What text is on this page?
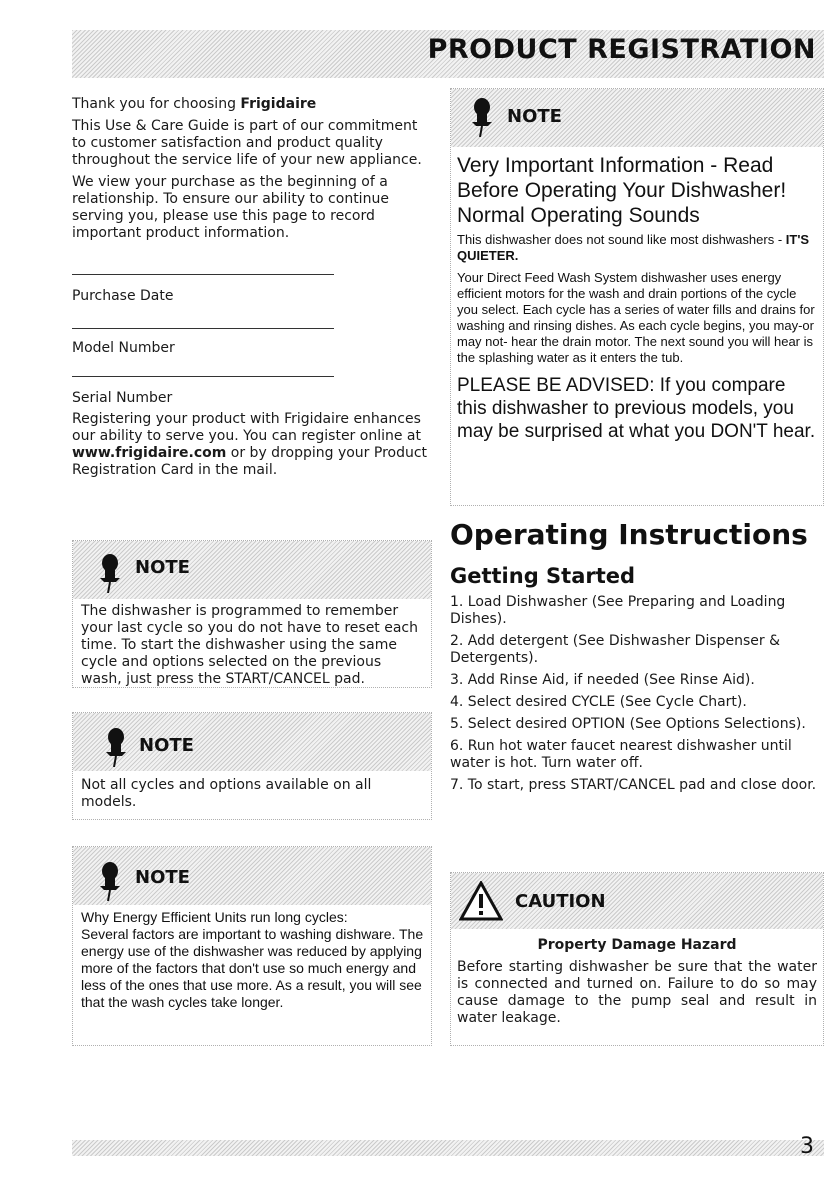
PRODUCT REGISTRATION

Thank you for choosing Frigidaire

This Use & Care Guide is part of our commitment to customer satisfaction and product quality throughout the service life of your new appliance.

We view your purchase as the beginning of a relationship. To ensure our ability to continue serving you, please use this page to record important product information.

Purchase Date
Model Number
Serial Number
Registering your product with Frigidaire enhances our ability to serve you. You can register online at www.frigidaire.com or by dropping your Product Registration Card in the mail.
NOTE

Very Important Information - Read Before Operating Your Dishwasher!

Normal Operating Sounds

This dishwasher does not sound like most dishwashers - IT'S QUIETER.

Your Direct Feed Wash System dishwasher uses energy efficient motors for the wash and drain portions of the cycle you select. Each cycle has a series of water fills and drains for washing and rinsing dishes. As each cycle begins, you may-or may not- hear the drain motor. The next sound you will hear is the splashing water as it enters the tub.

PLEASE BE ADVISED: If you compare this dishwasher to previous models, you may be surprised at what you DON'T hear.

Operating Instructions
Getting Started

1. Load Dishwasher (See Preparing and Loading Dishes).

2. Add detergent (See Dishwasher Dispenser & Detergents).

3. Add Rinse Aid, if needed (See Rinse Aid).

4. Select desired CYCLE (See Cycle Chart).

5. Select desired OPTION (See Options Selections).

6. Run hot water faucet nearest dishwasher until water is hot. Turn water off.

7. To start, press START/CANCEL pad and close door.

NOTE
The dishwasher is programmed to remember your last cycle so you do not have to reset each time. To start the dishwasher using the same cycle and options selected on the previous wash, just press the START/CANCEL pad.
NOTE
Not all cycles and options available on all models.
NOTE

Why Energy Efficient Units run long cycles:

Several factors are important to washing dishware. The energy use of the dishwasher was reduced by applying more of the factors that don't use so much energy and less of the ones that use more. As a result, you will see that the wash cycles take longer.

CAUTION
Property Damage Hazard
Before starting dishwasher be sure that the water is connected and turned on. Failure to do so may cause damage to the pump seal and result in water leakage.
3
